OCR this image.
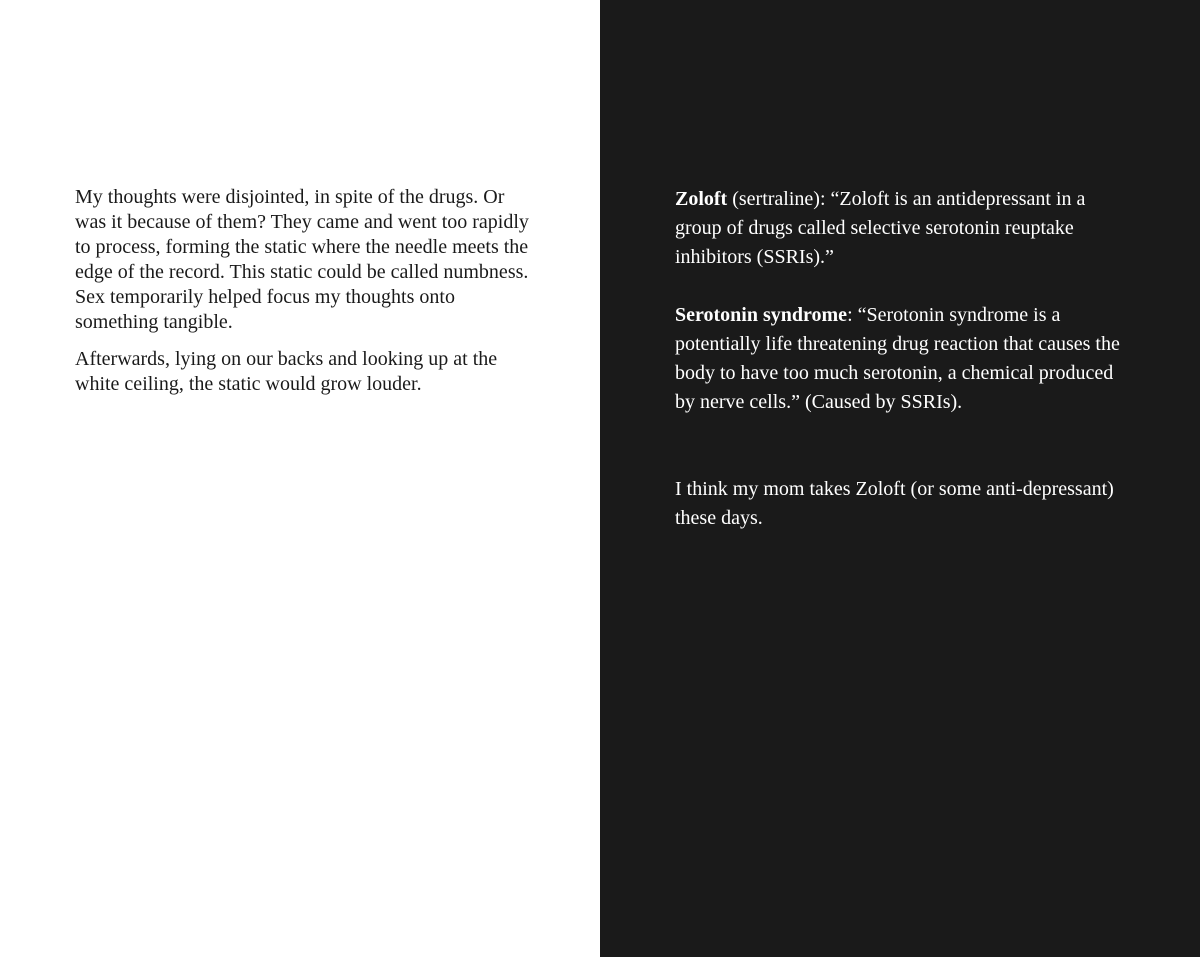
My thoughts were disjointed, in spite of the drugs. Or was it because of them? They came and went too rapidly to process, forming the static where the needle meets the edge of the record. This static could be called numbness. Sex temporarily helped focus my thoughts onto something tangible.

Afterwards, lying on our backs and looking up at the white ceiling, the static would grow louder.

Zoloft (sertraline): “Zoloft is an antidepressant in a group of drugs called selective serotonin reuptake inhibitors (SSRIs).”

Serotonin syndrome: “Serotonin syndrome is a potentially life threatening drug reaction that causes the body to have too much serotonin, a chemical produced by nerve cells.” (Caused by SSRIs).

I think my mom takes Zoloft (or some anti-depressant) these days.
